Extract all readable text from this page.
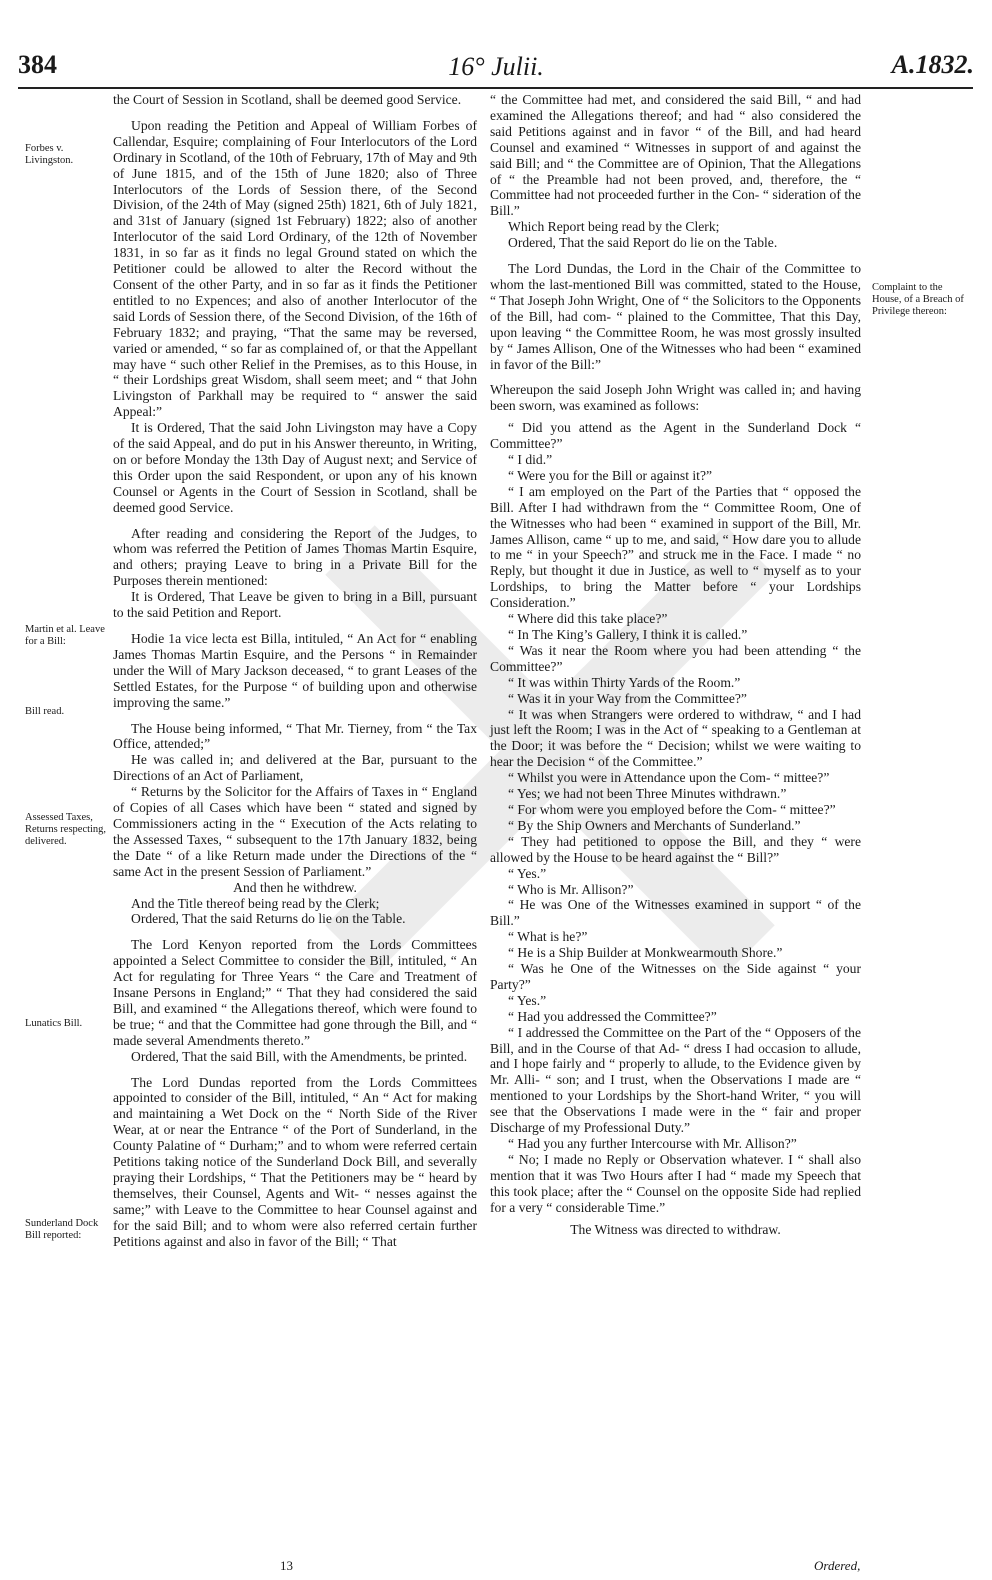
384	16° Julii.	A.1832.
Forbes v. Livingston.
Martin et al. Leave for a Bill:
Bill read.
Assessed Taxes, Returns respecting, delivered.
Lunatics Bill.
Sunderland Dock Bill reported:
Complaint to the House, of a Breach of Privilege thereon:

the Court of Session in Scotland, shall be deemed good Service.

Upon reading the Petition and Appeal of William Forbes of Callendar, Esquire; complaining of Four Interlocutors of the Lord Ordinary in Scotland, of the 10th of February, 17th of May and 9th of June 1815, and of the 15th of June 1820; also of Three Interlocutors of the Lords of Session there, of the Second Division, of the 24th of May (signed 25th) 1821, 6th of July 1821, and 31st of January (signed 1st February) 1822; also of another Interlocutor of the said Lord Ordinary, of the 12th of November 1831, in so far as it finds no legal Ground stated on which the Petitioner could be allowed to alter the Record without the Consent of the other Party, and in so far as it finds the Petitioner entitled to no Expences; and also of another Interlocutor of the said Lords of Session there, of the Second Division, of the 16th of February 1832; and praying, “That the same may be reversed, varied or amended, “ so far as complained of, or that the Appellant may have “ such other Relief in the Premises, as to this House, in “ their Lordships great Wisdom, shall seem meet; and “ that John Livingston of Parkhall may be required to “ answer the said Appeal:”

It is Ordered, That the said John Livingston may have a Copy of the said Appeal, and do put in his Answer thereunto, in Writing, on or before Monday the 13th Day of August next; and Service of this Order upon the said Respondent, or upon any of his known Counsel or Agents in the Court of Session in Scotland, shall be deemed good Service.

After reading and considering the Report of the Judges, to whom was referred the Petition of James Thomas Martin Esquire, and others; praying Leave to bring in a Private Bill for the Purposes therein mentioned:

It is Ordered, That Leave be given to bring in a Bill, pursuant to the said Petition and Report.

Hodie 1a vice lecta est Billa, intituled, “ An Act for “ enabling James Thomas Martin Esquire, and the Persons “ in Remainder under the Will of Mary Jackson deceased, “ to grant Leases of the Settled Estates, for the Purpose “ of building upon and otherwise improving the same.”

The House being informed, “ That Mr. Tierney, from “ the Tax Office, attended;”

He was called in; and delivered at the Bar, pursuant to the Directions of an Act of Parliament,

“ Returns by the Solicitor for the Affairs of Taxes in “ England of Copies of all Cases which have been “ stated and signed by Commissioners acting in the “ Execution of the Acts relating to the Assessed Taxes, “ subsequent to the 17th January 1832, being the Date “ of a like Return made under the Directions of the “ same Act in the present Session of Parliament.”

And then he withdrew.

And the Title thereof being read by the Clerk;

Ordered, That the said Returns do lie on the Table.

The Lord Kenyon reported from the Lords Committees appointed a Select Committee to consider the Bill, intituled, “ An Act for regulating for Three Years “ the Care and Treatment of Insane Persons in England;” “ That they had considered the said Bill, and examined “ the Allegations thereof, which were found to be true; “ and that the Committee had gone through the Bill, and “ made several Amendments thereto.”

Ordered, That the said Bill, with the Amendments, be printed.

The Lord Dundas reported from the Lords Committees appointed to consider of the Bill, intituled, “ An “ Act for making and maintaining a Wet Dock on the “ North Side of the River Wear, at or near the Entrance “ of the Port of Sunderland, in the County Palatine of “ Durham;” and to whom were referred certain Petitions taking notice of the Sunderland Dock Bill, and severally praying their Lordships, “ That the Petitioners may be “ heard by themselves, their Counsel, Agents and Wit- “ nesses against the same;” with Leave to the Committee to hear Counsel against and for the said Bill; and to whom were also referred certain further Petitions against and also in favor of the Bill; “ That

“ the Committee had met, and considered the said Bill, “ and had examined the Allegations thereof; and had “ also considered the said Petitions against and in favor “ of the Bill, and had heard Counsel and examined “ Witnesses in support of and against the said Bill; and “ the Committee are of Opinion, That the Allegations of “ the Preamble had not been proved, and, therefore, the “ Committee had not proceeded further in the Con- “ sideration of the Bill.”

Which Report being read by the Clerk;

Ordered, That the said Report do lie on the Table.

The Lord Dundas, the Lord in the Chair of the Committee to whom the last-mentioned Bill was committed, stated to the House, “ That Joseph John Wright, One of “ the Solicitors to the Opponents of the Bill, had com- “ plained to the Committee, That this Day, upon leaving “ the Committee Room, he was most grossly insulted by “ James Allison, One of the Witnesses who had been “ examined in favor of the Bill:”

Whereupon the said Joseph John Wright was called in; and having been sworn, was examined as follows:

“ Did you attend as the Agent in the Sunderland Dock “ Committee?”

“ I did.”

“ Were you for the Bill or against it?”

“ I am employed on the Part of the Parties that “ opposed the Bill. After I had withdrawn from the “ Committee Room, One of the Witnesses who had been “ examined in support of the Bill, Mr. James Allison, came “ up to me, and said, “ How dare you to allude to me “ in your Speech?” and struck me in the Face. I made “ no Reply, but thought it due in Justice, as well to “ myself as to your Lordships, to bring the Matter before “ your Lordships Consideration.”

“ Where did this take place?”

“ In The King’s Gallery, I think it is called.”

“ Was it near the Room where you had been attending “ the Committee?”

“ It was within Thirty Yards of the Room.”

“ Was it in your Way from the Committee?”

“ It was when Strangers were ordered to withdraw, “ and I had just left the Room; I was in the Act of “ speaking to a Gentleman at the Door; it was before the “ Decision; whilst we were waiting to hear the Decision “ of the Committee.”

“ Whilst you were in Attendance upon the Com- “ mittee?”

“ Yes; we had not been Three Minutes withdrawn.”

“ For whom were you employed before the Com- “ mittee?”

“ By the Ship Owners and Merchants of Sunderland.”

“ They had petitioned to oppose the Bill, and they “ were allowed by the House to be heard against the “ Bill?”

“ Yes.”

“ Who is Mr. Allison?”

“ He was One of the Witnesses examined in support “ of the Bill.”

“ What is he?”

“ He is a Ship Builder at Monkwearmouth Shore.”

“ Was he One of the Witnesses on the Side against “ your Party?”

“ Yes.”

“ Had you addressed the Committee?”

“ I addressed the Committee on the Part of the “ Opposers of the Bill, and in the Course of that Ad- “ dress I had occasion to allude, and I hope fairly and “ properly to allude, to the Evidence given by Mr. Alli- “ son; and I trust, when the Observations I made are “ mentioned to your Lordships by the Short-hand Writer, “ you will see that the Observations I made were in the “ fair and proper Discharge of my Professional Duty.”

“ Had you any further Intercourse with Mr. Allison?”

“ No; I made no Reply or Observation whatever. I “ shall also mention that it was Two Hours after I had “ made my Speech that this took place; after the “ Counsel on the opposite Side had replied for a very “ considerable Time.”

The Witness was directed to withdraw.

13	Ordered,
